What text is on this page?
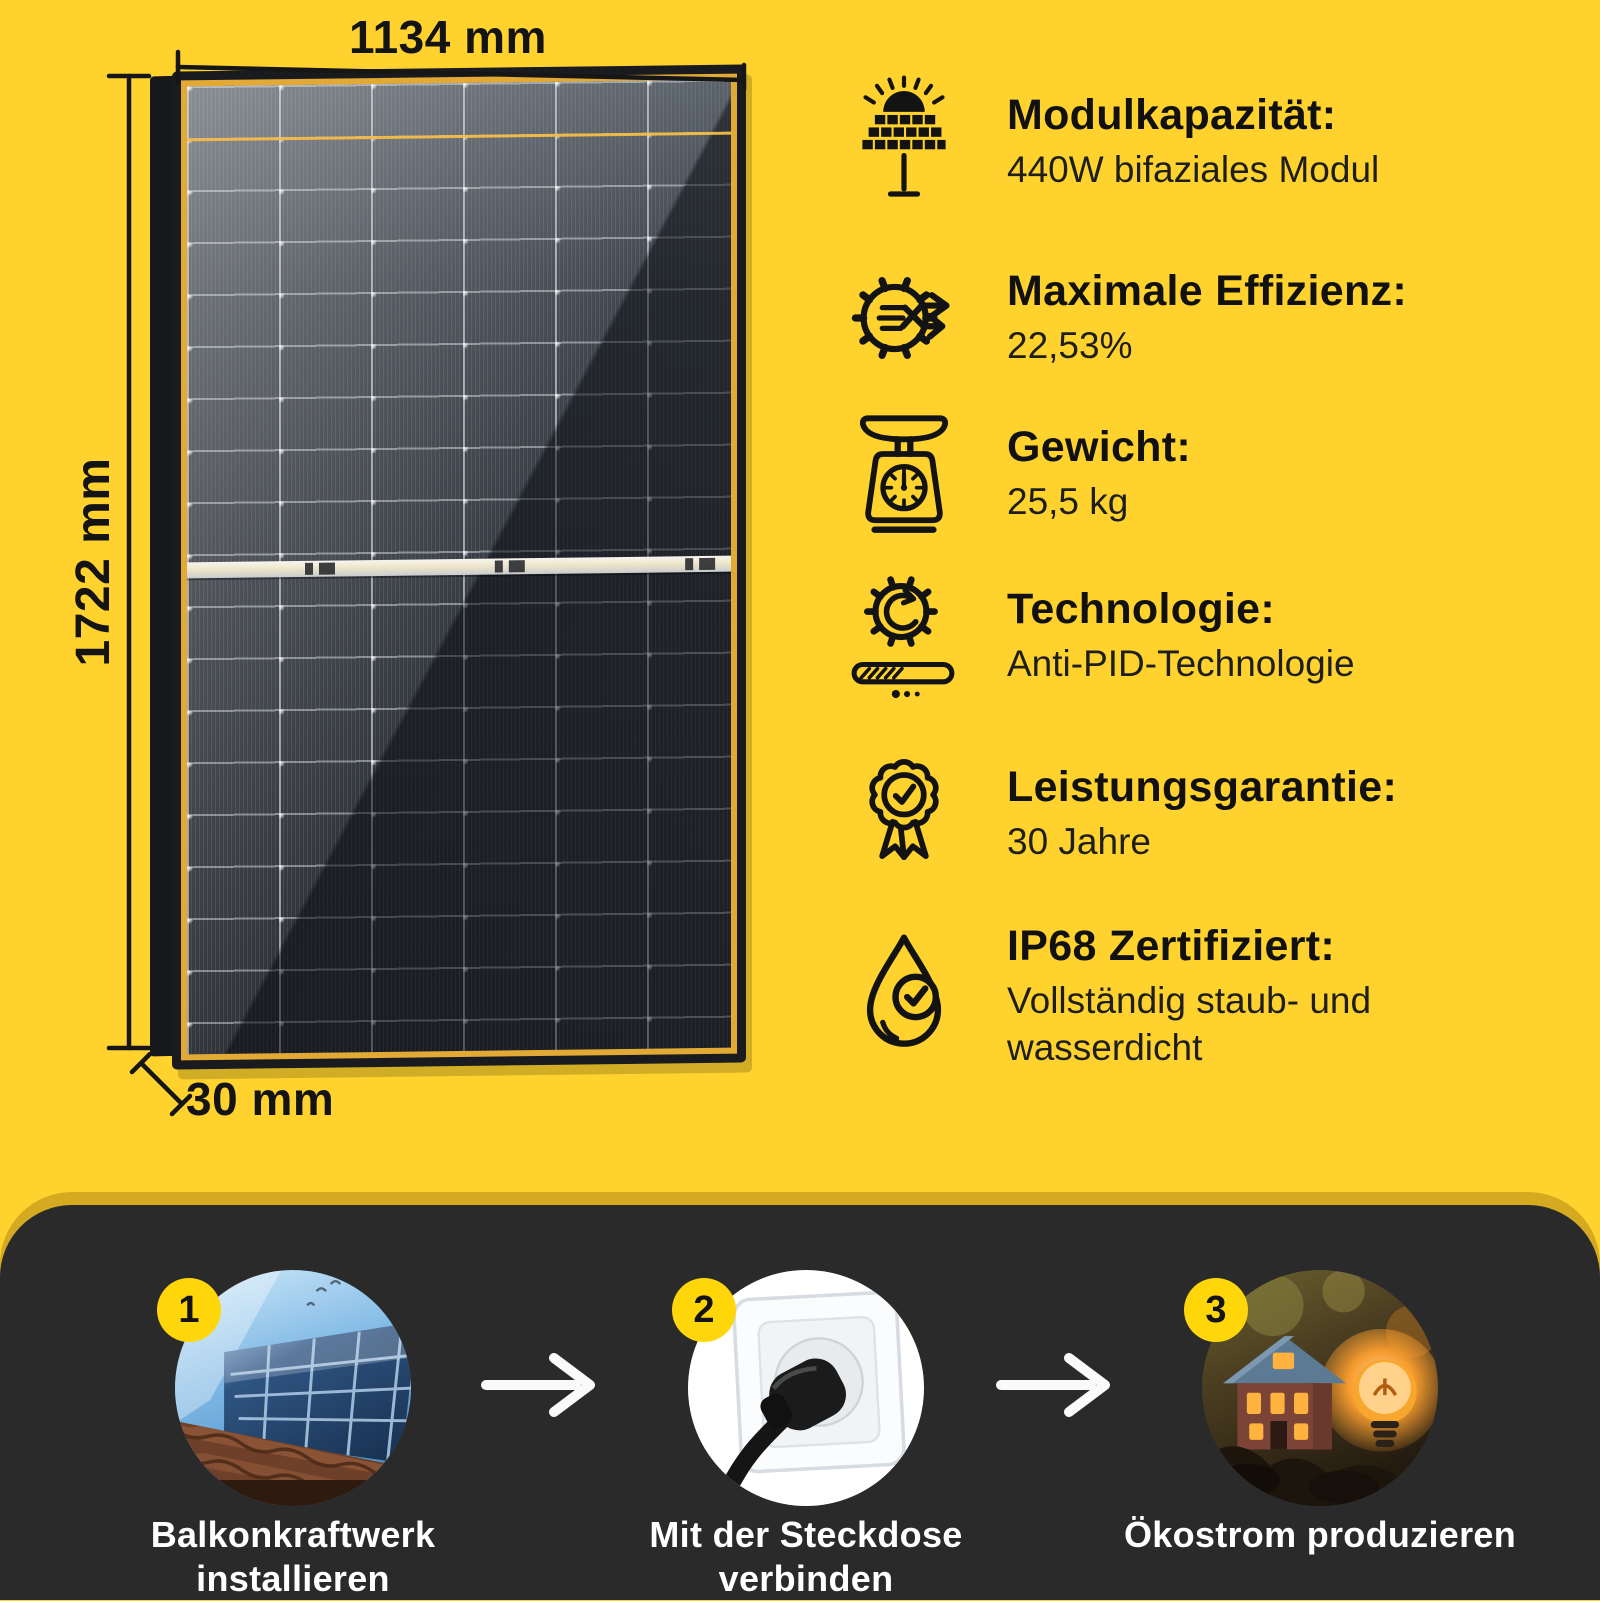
1134 mm
1722 mm
30 mm
Modulkapazität:
440W bifaziales Modul
Maximale Effizienz:
22,53%
Gewicht:
25,5 kg
Technologie:
Anti-PID-Technologie
Leistungsgarantie:
30 Jahre
IP68 Zertifiziert:
Vollständig staub- und wasserdicht
1
Balkonkraftwerk installieren
2
Mit der Steckdose verbinden
3
Ökostrom produzieren
